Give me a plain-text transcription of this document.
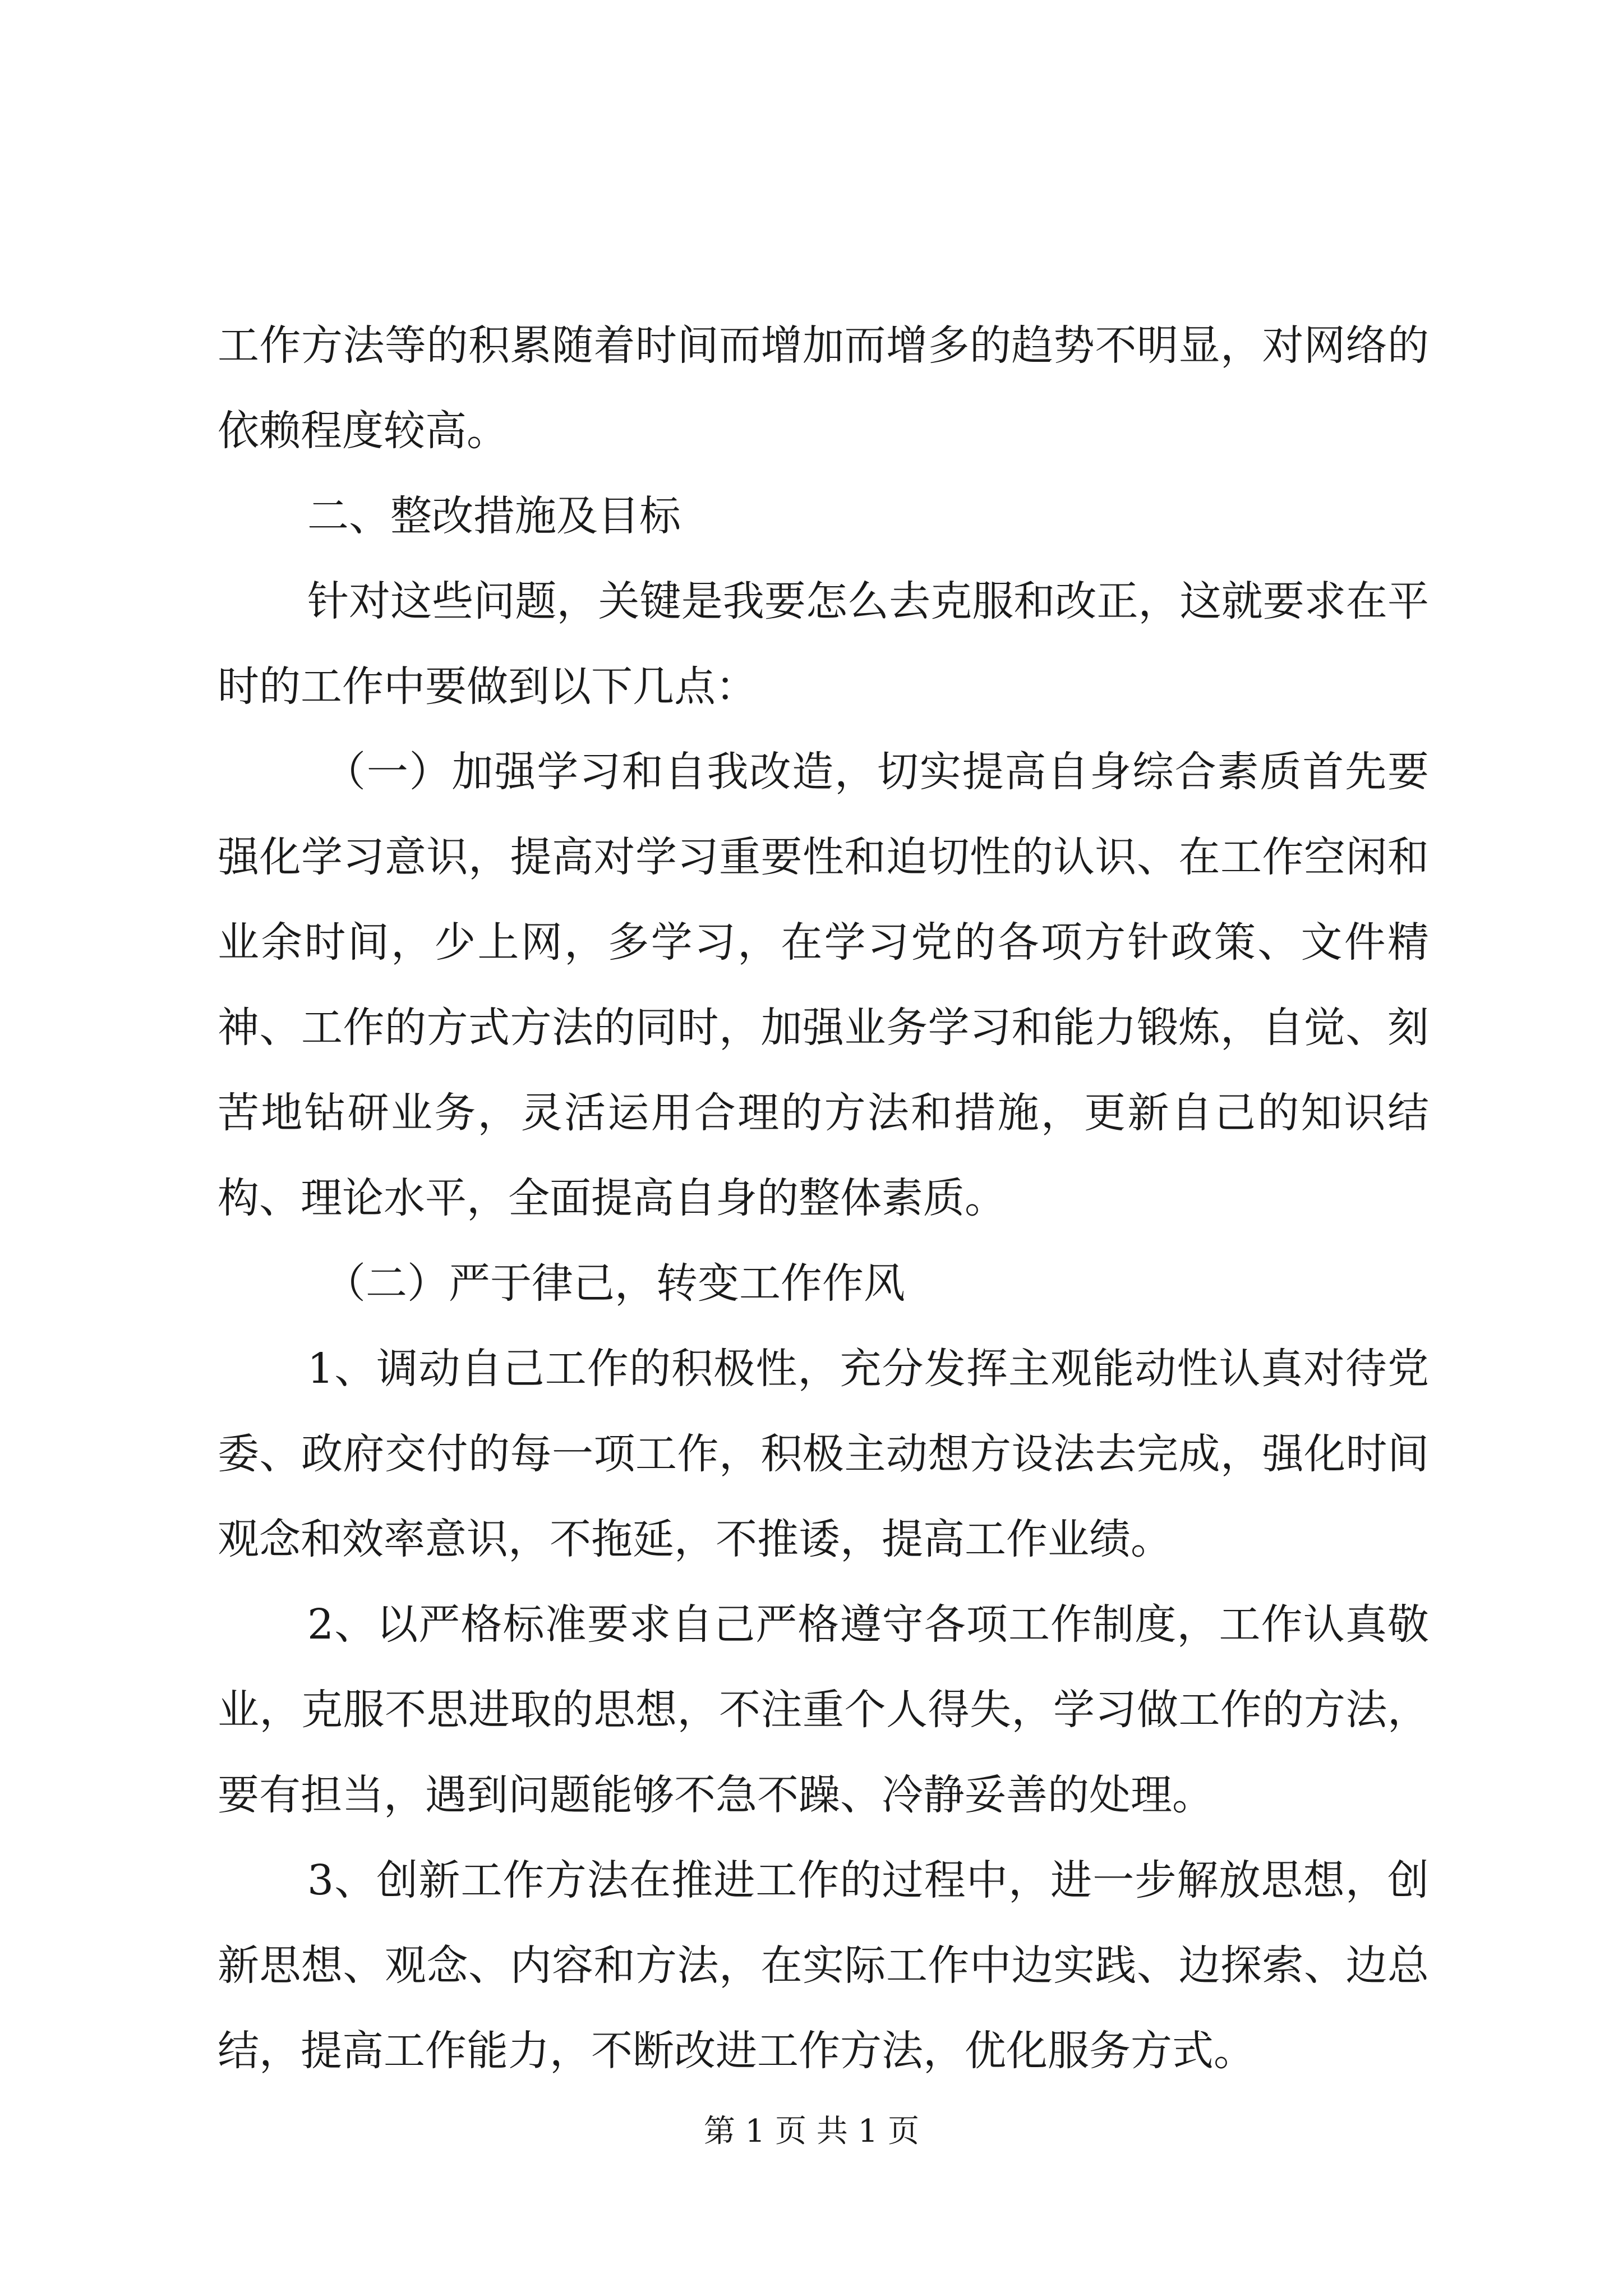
工作方法等的积累随着时间而增加而增多的趋势不明显，对网络的依赖程度较高。

二、整改措施及目标

针对这些问题，关键是我要怎么去克服和改正，这就要求在平时的工作中要做到以下几点：

（一）加强学习和自我改造，切实提高自身综合素质首先要强化学习意识，提高对学习重要性和迫切性的认识、在工作空闲和业余时间，少上网，多学习，在学习党的各项方针政策、文件精神、工作的方式方法的同时，加强业务学习和能力锻炼，自觉、刻苦地钻研业务，灵活运用合理的方法和措施，更新自己的知识结构、理论水平，全面提高自身的整体素质。

（二）严于律己，转变工作作风

1、调动自己工作的积极性，充分发挥主观能动性认真对待党委、政府交付的每一项工作，积极主动想方设法去完成，强化时间观念和效率意识，不拖延，不推诿，提高工作业绩。

2、以严格标准要求自己严格遵守各项工作制度，工作认真敬业，克服不思进取的思想，不注重个人得失，学习做工作的方法，要有担当，遇到问题能够不急不躁、冷静妥善的处理。

3、创新工作方法在推进工作的过程中，进一步解放思想，创新思想、观念、内容和方法，在实际工作中边实践、边探索、边总结，提高工作能力，不断改进工作方法，优化服务方式。

第 1 页 共 1 页
